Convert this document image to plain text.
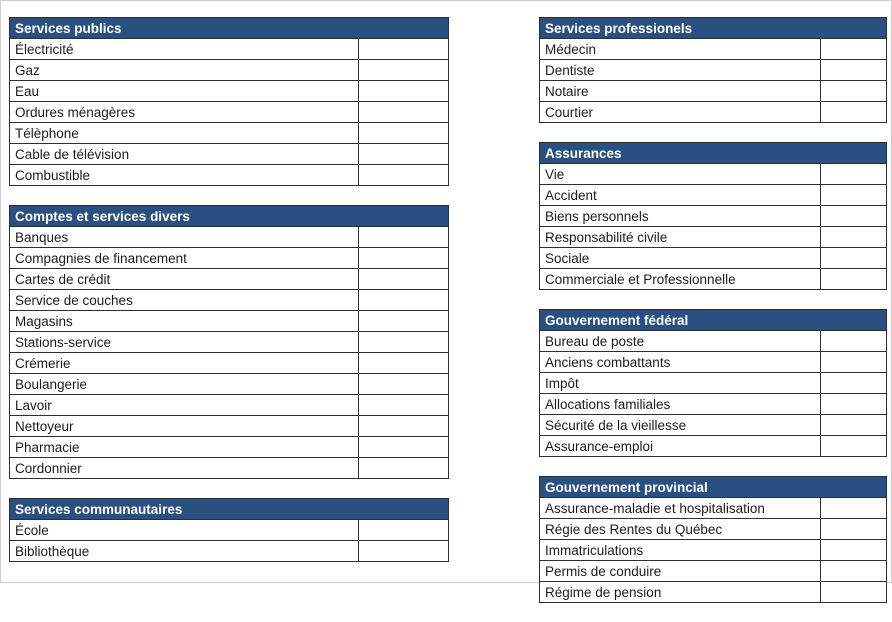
Services publics	
Électricité	
Gaz	
Eau	
Ordures ménagères	
Télèphone	
Cable de télévision	
Combustible	
Comptes et services divers	
Banques	
Compagnies de financement	
Cartes de crédit	
Service de couches	
Magasins	
Stations-service	
Crémerie	
Boulangerie	
Lavoir	
Nettoyeur	
Pharmacie	
Cordonnier	
Services communautaires	
École	
Bibliothèque	
Services professionels	
Médecin	
Dentiste	
Notaire	
Courtier	
Assurances	
Vie	
Accident	
Biens personnels	
Responsabilité civile	
Sociale	
Commerciale et Professionnelle	
Gouvernement fédéral	
Bureau de poste	
Anciens combattants	
Impôt	
Allocations familiales	
Sécurité de la vieillesse	
Assurance-emploi	
Gouvernement provincial	
Assurance-maladie et hospitalisation	
Régie des Rentes du Québec	
Immatriculations	
Permis de conduire	
Régime de pension	
